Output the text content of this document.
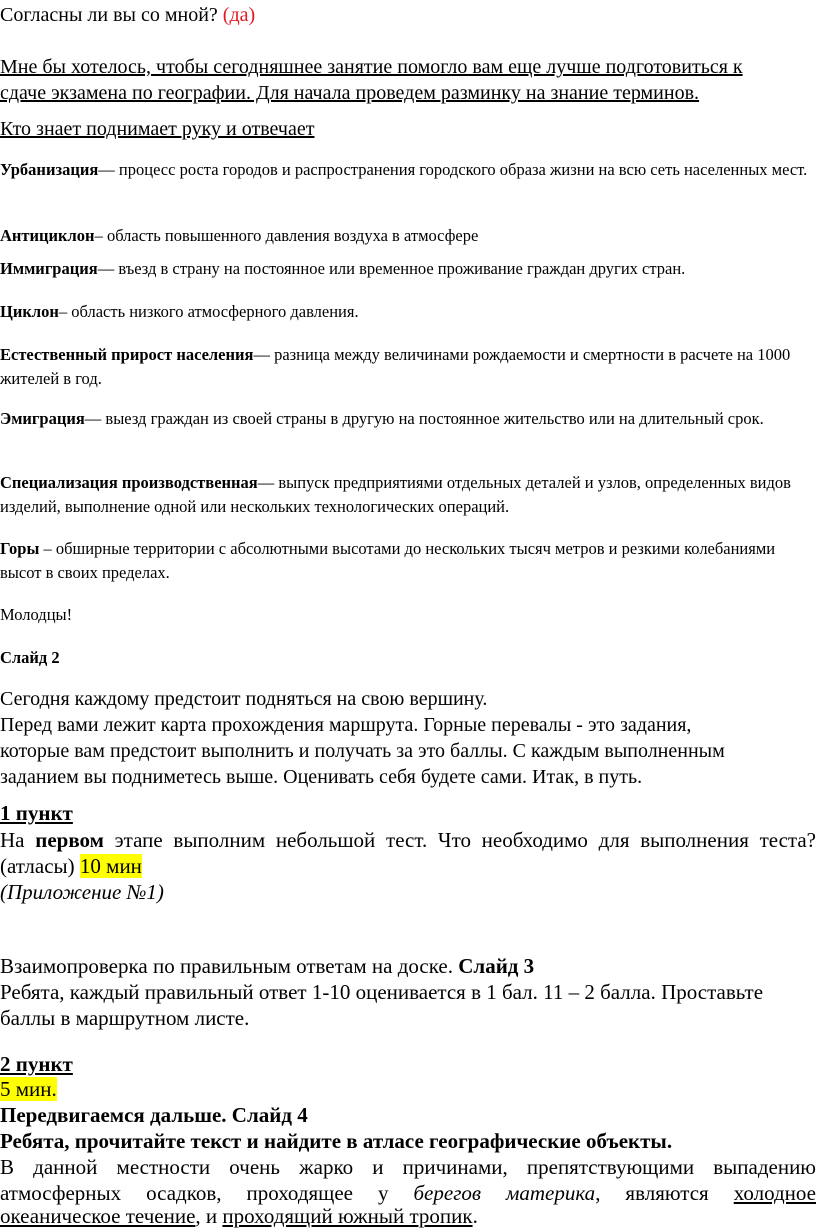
Согласны ли вы со мной? (да)

Мне бы хотелось, чтобы сегодняшнее занятие помогло вам еще лучше подготовиться к

сдаче экзамена по географии. Для начала проведем разминку на знание терминов.

Кто знает поднимает руку и отвечает

Урбанизация— процесс роста городов и распространения городского образа жизни на всю сеть населенных мест.
Антициклон– область повышенного давления воздуха в атмосфере
Иммиграция— въезд в страну на постоянное или временное проживание граждан других стран.
Циклон– область низкого атмосферного давления.
Естественный прирост населения— разница между величинами рождаемости и смертности в расчете на 1000 жителей в год.
Эмиграция— выезд граждан из своей страны в другую на постоянное жительство или на длительный срок.
Специализация производственная— выпуск предприятиями отдельных деталей и узлов, определенных видов изделий, выполнение одной или нескольких технологических операций.
Горы – обширные территории с абсолютными высотами до нескольких тысяч метров и резкими колебаниями высот в своих пределах.

Молодцы!

Слайд 2

Сегодня каждому предстоит подняться на свою вершину.

Перед вами лежит карта прохождения маршрута. Горные перевалы - это задания,

которые вам предстоит выполнить и получать за это баллы. С каждым выполненным

заданием вы подниметесь выше. Оценивать себя будете сами. Итак, в путь.

1 пункт

На первом этапе выполним небольшой тест. Что необходимо для выполнения теста?

(атласы) 10 мин

(Приложение №1)

Взаимопроверка по правильным ответам на доске. Слайд 3

Ребята, каждый правильный ответ 1-10 оценивается в 1 бал. 11 – 2 балла. Проставьте

баллы в маршрутном листе.

2 пункт

5 мин.

Передвигаемся дальше. Слайд 4

Ребята, прочитайте текст и найдите в атласе географические объекты.

В данной местности очень жарко и причинами, препятствующими выпадению

атмосферных осадков, проходящее у берегов материка, являются холодное

океаническое течение, и проходящий южный тропик.
